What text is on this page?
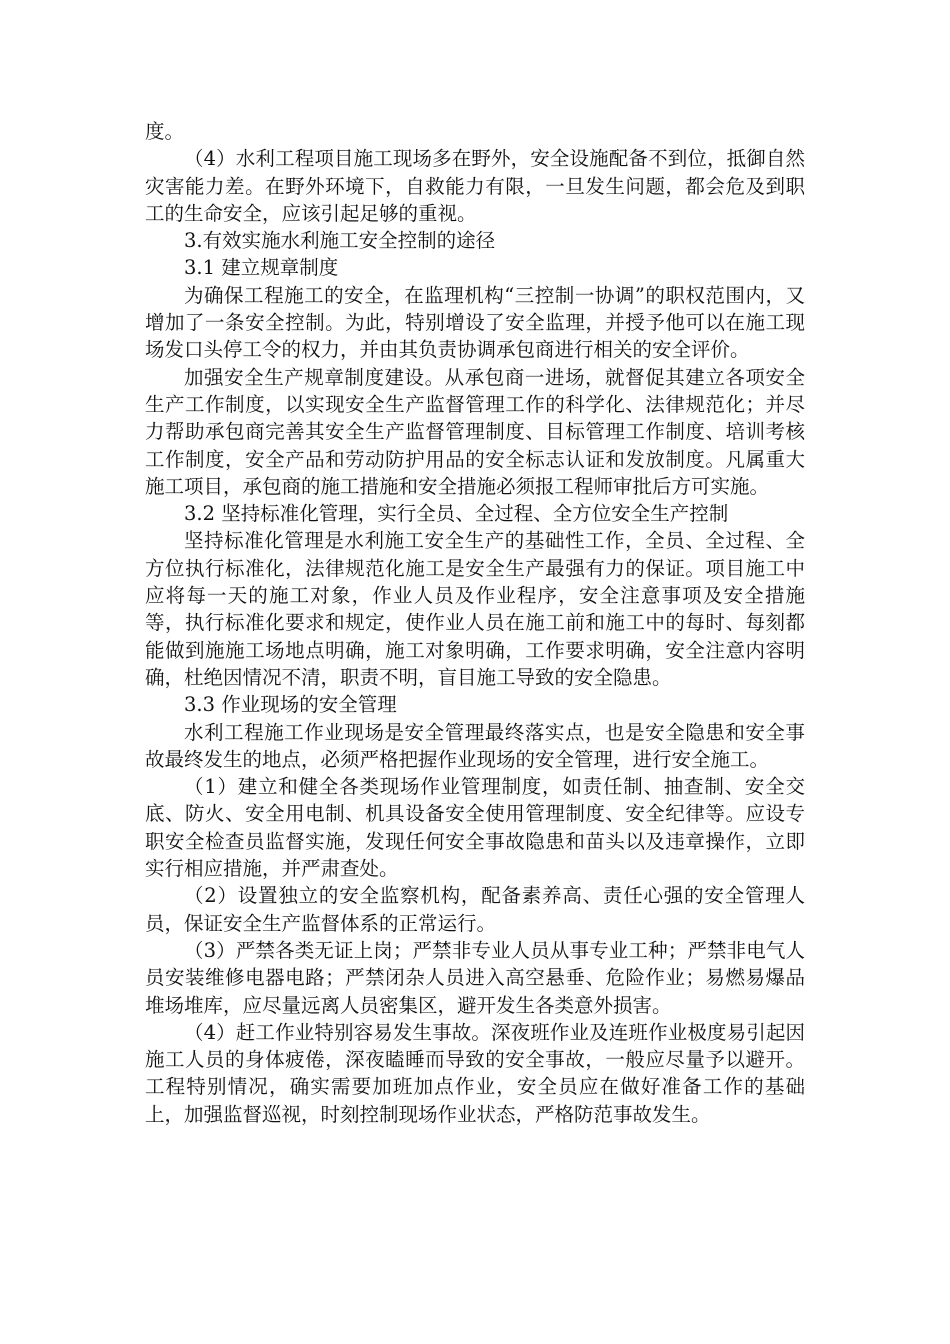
度。

（4）水利工程项目施工现场多在野外，安全设施配备不到位，抵御自然灾害能力差。在野外环境下，自救能力有限，一旦发生问题，都会危及到职工的生命安全，应该引起足够的重视。

3.有效实施水利施工安全控制的途径

3.1 建立规章制度

为确保工程施工的安全，在监理机构“三控制一协调”的职权范围内，又增加了一条安全控制。为此，特别增设了安全监理，并授予他可以在施工现场发口头停工令的权力，并由其负责协调承包商进行相关的安全评价。

加强安全生产规章制度建设。从承包商一进场，就督促其建立各项安全生产工作制度，以实现安全生产监督管理工作的科学化、法律规范化；并尽力帮助承包商完善其安全生产监督管理制度、目标管理工作制度、培训考核工作制度，安全产品和劳动防护用品的安全标志认证和发放制度。凡属重大施工项目，承包商的施工措施和安全措施必须报工程师审批后方可实施。

3.2 坚持标准化管理，实行全员、全过程、全方位安全生产控制

坚持标准化管理是水利施工安全生产的基础性工作，全员、全过程、全方位执行标准化，法律规范化施工是安全生产最强有力的保证。项目施工中应将每一天的施工对象，作业人员及作业程序，安全注意事项及安全措施等，执行标准化要求和规定，使作业人员在施工前和施工中的每时、每刻都能做到施施工场地点明确，施工对象明确，工作要求明确，安全注意内容明确，杜绝因情况不清，职责不明，盲目施工导致的安全隐患。

3.3 作业现场的安全管理

水利工程施工作业现场是安全管理最终落实点，也是安全隐患和安全事故最终发生的地点，必须严格把握作业现场的安全管理，进行安全施工。

（1）建立和健全各类现场作业管理制度，如责任制、抽查制、安全交底、防火、安全用电制、机具设备安全使用管理制度、安全纪律等。应设专职安全检查员监督实施，发现任何安全事故隐患和苗头以及违章操作，立即实行相应措施，并严肃查处。

（2）设置独立的安全监察机构，配备素养高、责任心强的安全管理人员，保证安全生产监督体系的正常运行。

（3）严禁各类无证上岗；严禁非专业人员从事专业工种；严禁非电气人员安装维修电器电路；严禁闭杂人员进入高空悬垂、危险作业；易燃易爆品堆场堆库，应尽量远离人员密集区，避开发生各类意外损害。

（4）赶工作业特别容易发生事故。深夜班作业及连班作业极度易引起因施工人员的身体疲倦，深夜瞌睡而导致的安全事故，一般应尽量予以避开。工程特别情况，确实需要加班加点作业，安全员应在做好准备工作的基础上，加强监督巡视，时刻控制现场作业状态，严格防范事故发生。
